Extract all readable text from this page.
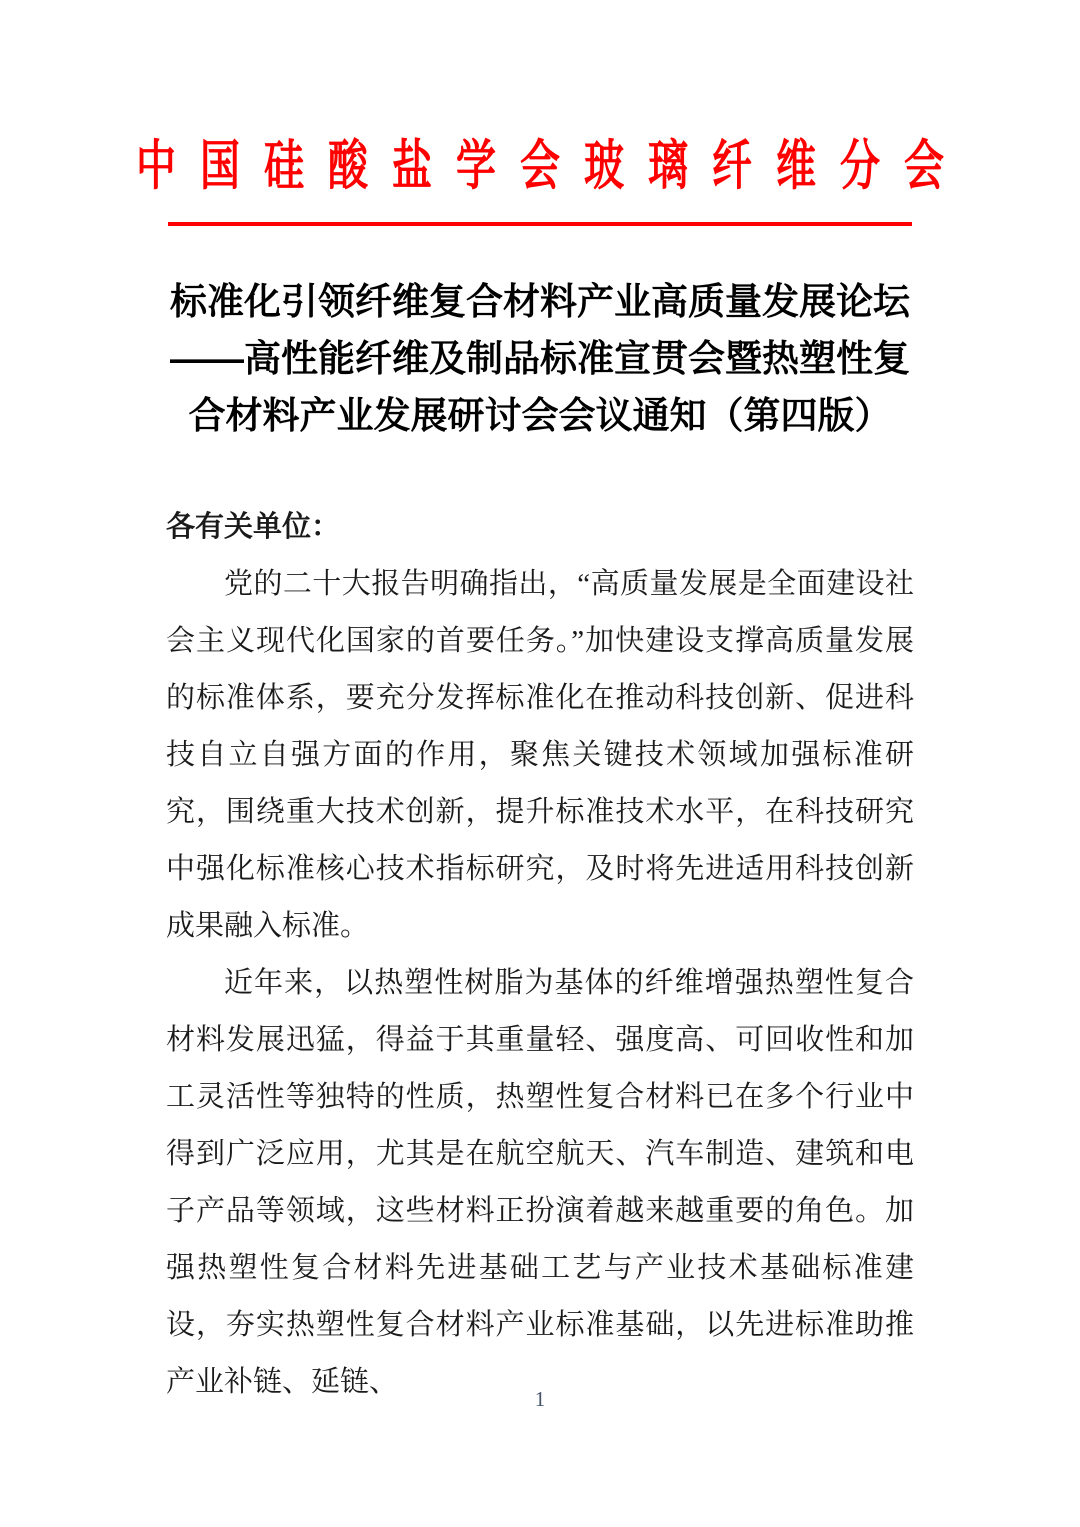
中国硅酸盐学会玻璃纤维分会
标准化引领纤维复合材料产业高质量发展论坛
——高性能纤维及制品标准宣贯会暨热塑性复
合材料产业发展研讨会会议通知（第四版）

各有关单位：

党的二十大报告明确指出，“高质量发展是全面建设社会主义现代化国家的首要任务。”加快建设支撑高质量发展的标准体系，要充分发挥标准化在推动科技创新、促进科技自立自强方面的作用，聚焦关键技术领域加强标准研究，围绕重大技术创新，提升标准技术水平，在科技研究中强化标准核心技术指标研究，及时将先进适用科技创新成果融入标准。

近年来，以热塑性树脂为基体的纤维增强热塑性复合材料发展迅猛，得益于其重量轻、强度高、可回收性和加工灵活性等独特的性质，热塑性复合材料已在多个行业中得到广泛应用，尤其是在航空航天、汽车制造、建筑和电子产品等领域，这些材料正扮演着越来越重要的角色。加强热塑性复合材料先进基础工艺与产业技术基础标准建设，夯实热塑性复合材料产业标准基础，以先进标准助推产业补链、延链、

1
